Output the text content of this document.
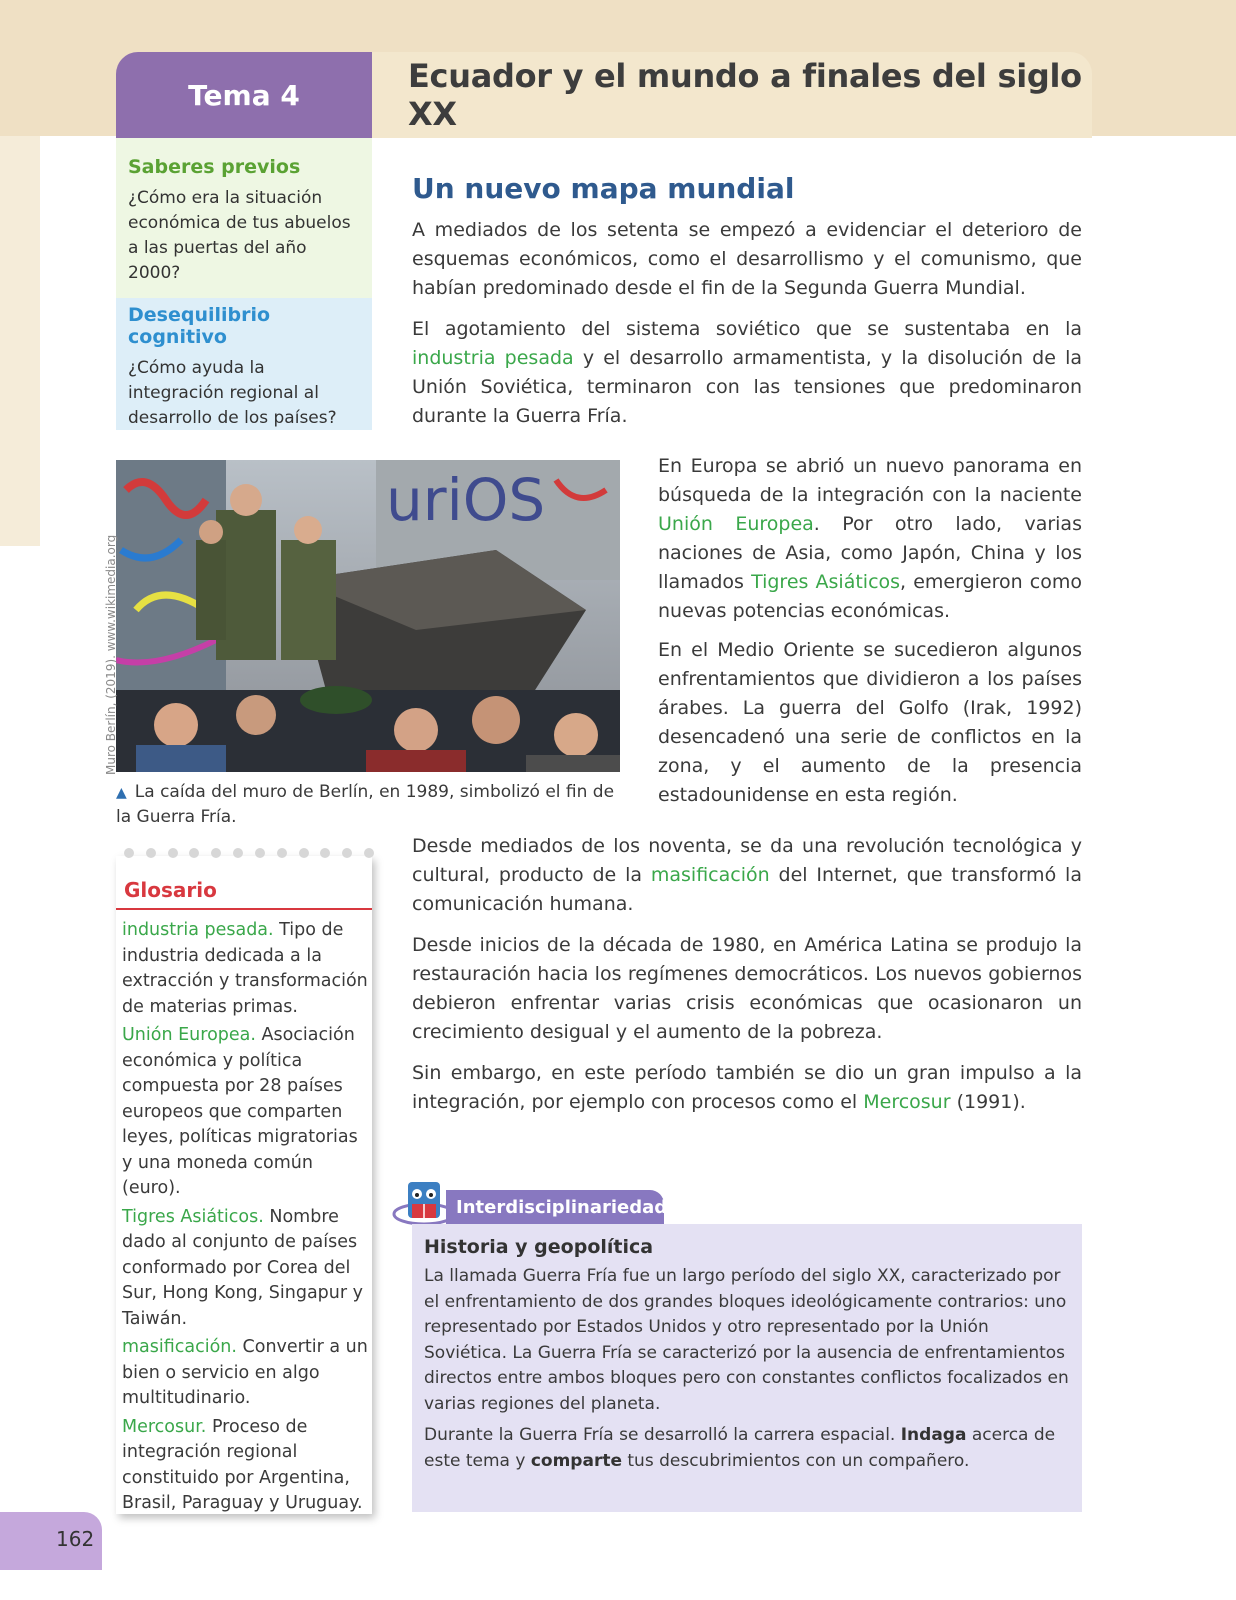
Tema 4	Ecuador y el mundo a finales del siglo XX
Saberes previos
¿Cómo era la situación económica de tus abuelos a las puertas del año 2000?
Desequilibrio cognitivo
¿Cómo ayuda la integración regional al desarrollo de los países?
Un nuevo mapa mundial

A mediados de los setenta se empezó a evidenciar el deterioro de esquemas económicos, como el desarrollismo y el comunismo, que habían predominado desde el fin de la Segunda Guerra Mundial.

El agotamiento del sistema soviético que se sustentaba en la industria pesada y el desarrollo armamentista, y la disolución de la Unión Soviética, terminaron con las tensiones que predominaron durante la Guerra Fría.

uriOS
Muro Berlín, (2019). www.wikimedia.org
▲ La caída del muro de Berlín, en 1989, simbolizó el fin de la Guerra Fría.

En Europa se abrió un nuevo panorama en búsqueda de la integración con la naciente Unión Europea. Por otro lado, varias naciones de Asia, como Japón, China y los llamados Tigres Asiáticos, emergieron como nuevas potencias económicas.

En el Medio Oriente se sucedieron algunos enfrentamientos que dividieron a los países árabes. La guerra del Golfo (Irak, 1992) desencadenó una serie de conflictos en la zona, y el aumento de la presencia estadounidense en esta región.

Desde mediados de los noventa, se da una revolución tecnológica y cultural, producto de la masificación del Internet, que transformó la comunicación humana.

Desde inicios de la década de 1980, en América Latina se produjo la restauración hacia los regímenes democráticos. Los nuevos gobiernos debieron enfrentar varias crisis económicas que ocasionaron un crecimiento desigual y el aumento de la pobreza.

Sin embargo, en este período también se dio un gran impulso a la integración, por ejemplo con procesos como el Mercosur (1991).

Glosario

industria pesada. Tipo de industria dedicada a la extracción y transformación de materias primas.

Unión Europea. Asociación económica y política compuesta por 28 países europeos que comparten leyes, políticas migratorias y una moneda común (euro).

Tigres Asiáticos. Nombre dado al conjunto de países conformado por Corea del Sur, Hong Kong, Singapur y Taiwán.

masificación. Convertir a un bien o servicio en algo multitudinario.

Mercosur. Proceso de integración regional constituido por Argentina, Brasil, Paraguay y Uruguay.

Interdisciplinariedad
Historia y geopolítica

La llamada Guerra Fría fue un largo período del siglo XX, caracterizado por el enfrentamiento de dos grandes bloques ideológicamente contrarios: uno representado por Estados Unidos y otro representado por la Unión Soviética. La Guerra Fría se caracterizó por la ausencia de enfrentamientos directos entre ambos bloques pero con constantes conflictos focalizados en varias regiones del planeta.

Durante la Guerra Fría se desarrolló la carrera espacial. Indaga acerca de este tema y comparte tus descubrimientos con un compañero.

162
